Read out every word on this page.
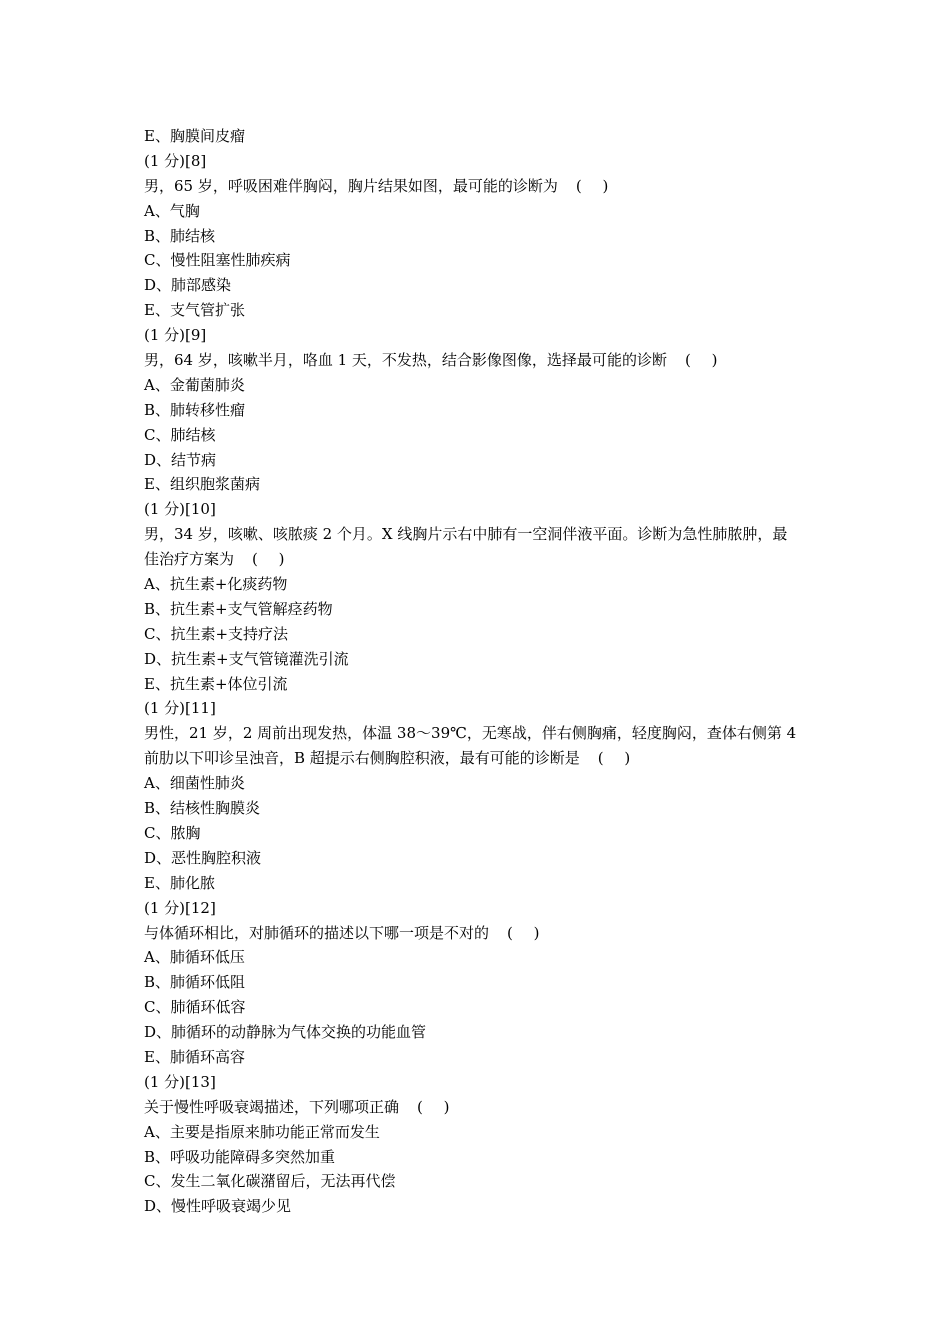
E、胸膜间皮瘤
(1 分)[8]
男，65 岁，呼吸困难伴胸闷，胸片结果如图，最可能的诊断为 ( )
A、气胸
B、肺结核
C、慢性阻塞性肺疾病
D、肺部感染
E、支气管扩张
(1 分)[9]
男，64 岁，咳嗽半月，咯血 1 天，不发热，结合影像图像，选择最可能的诊断 ( )
A、金葡菌肺炎
B、肺转移性瘤
C、肺结核
D、结节病
E、组织胞浆菌病
(1 分)[10]
男，34 岁，咳嗽、咳脓痰 2 个月。X 线胸片示右中肺有一空洞伴液平面。诊断为急性肺脓肿，最
佳治疗方案为 ( )
A、抗生素+化痰药物
B、抗生素+支气管解痉药物
C、抗生素+支持疗法
D、抗生素+支气管镜灌洗引流
E、抗生素+体位引流
(1 分)[11]
男性，21 岁，2 周前出现发热，体温 38～39℃，无寒战，伴右侧胸痛，轻度胸闷，查体右侧第 4
前肋以下叩诊呈浊音，B 超提示右侧胸腔积液，最有可能的诊断是 ( )
A、细菌性肺炎
B、结核性胸膜炎
C、脓胸
D、恶性胸腔积液
E、肺化脓
(1 分)[12]
与体循环相比，对肺循环的描述以下哪一项是不对的 ( )
A、肺循环低压
B、肺循环低阻
C、肺循环低容
D、肺循环的动静脉为气体交换的功能血管
E、肺循环高容
(1 分)[13]
关于慢性呼吸衰竭描述，下列哪项正确 ( )
A、主要是指原来肺功能正常而发生
B、呼吸功能障碍多突然加重
C、发生二氧化碳潴留后，无法再代偿
D、慢性呼吸衰竭少见
